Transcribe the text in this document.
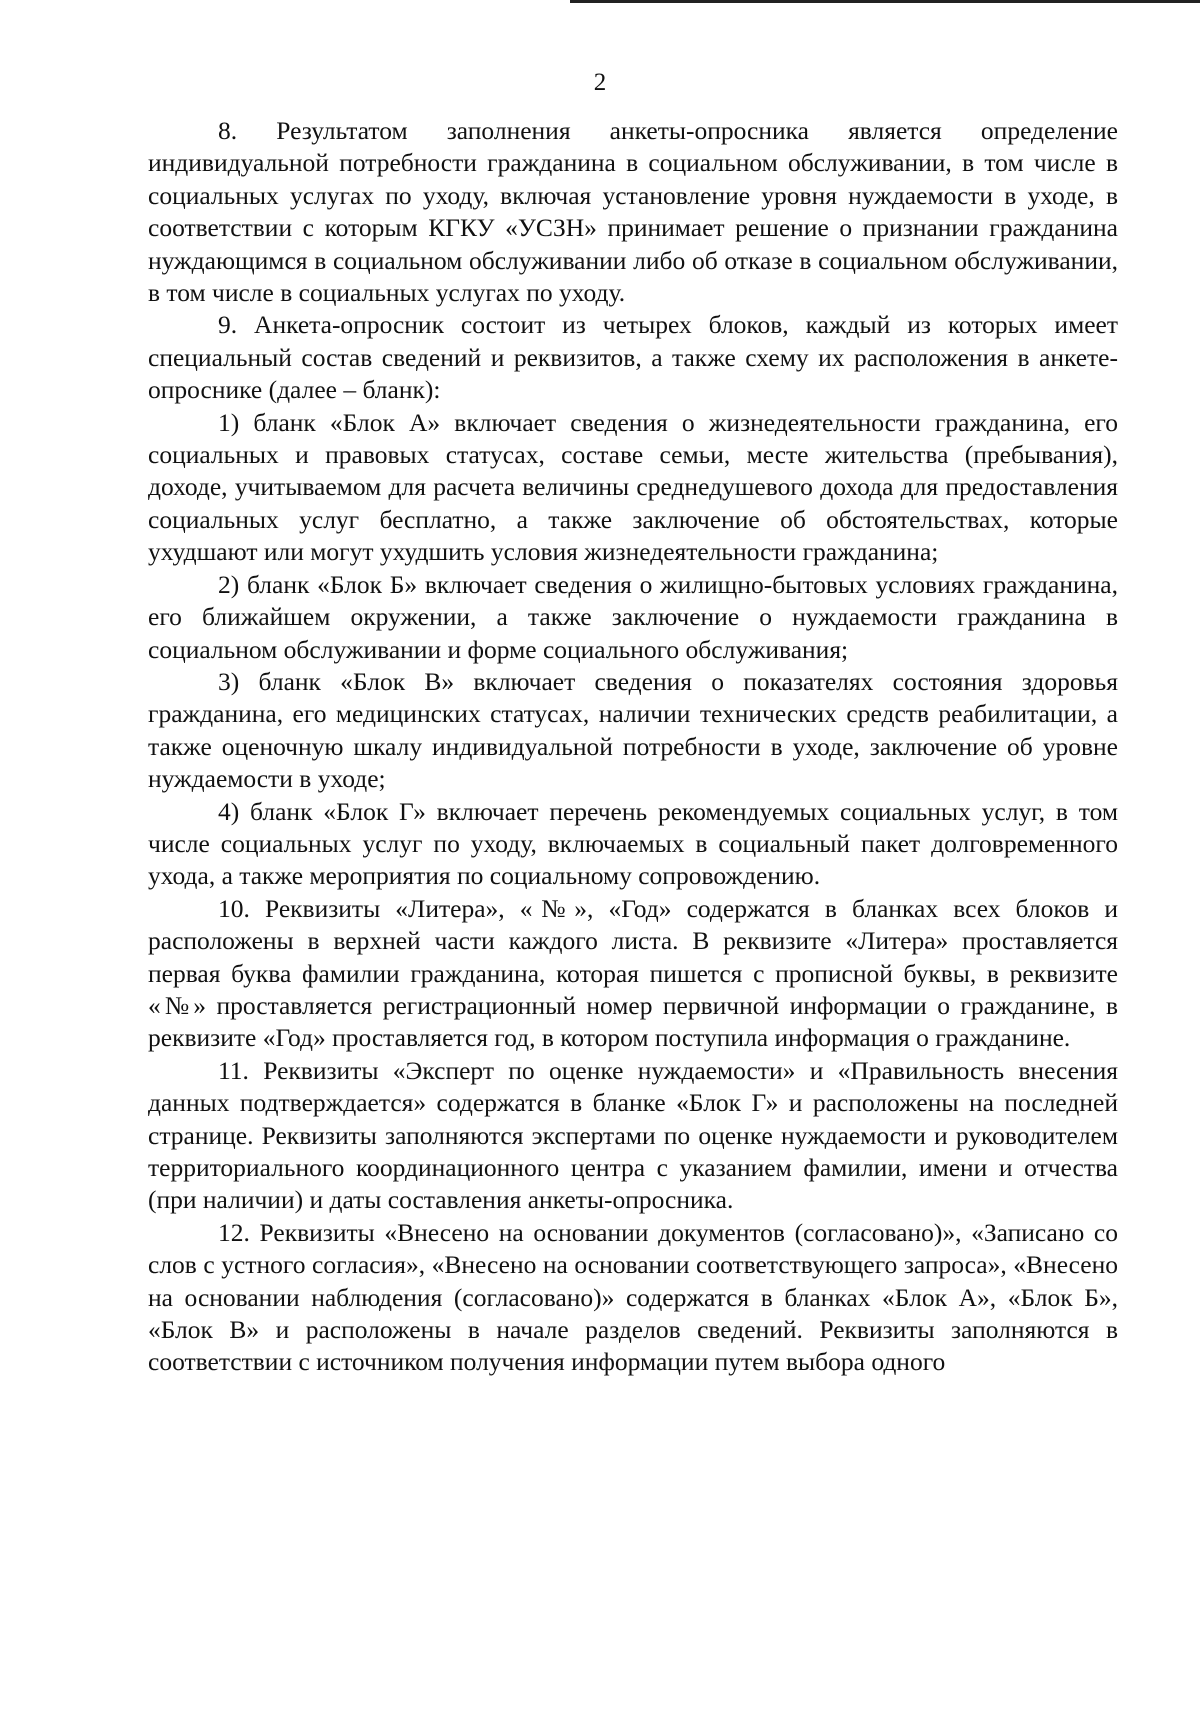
2

8. Результатом заполнения анкеты-опросника является определение индивидуальной потребности гражданина в социальном обслуживании, в том числе в социальных услугах по уходу, включая установление уровня нуждаемости в уходе, в соответствии с которым КГКУ «УСЗН» принимает решение о признании гражданина нуждающимся в социальном обслуживании либо об отказе в социальном обслуживании, в том числе в социальных услугах по уходу.

9. Анкета-опросник состоит из четырех блоков, каждый из которых имеет специальный состав сведений и реквизитов, а также схему их расположения в анкете-опроснике (далее – бланк):

1) бланк «Блок А» включает сведения о жизнедеятельности гражданина, его социальных и правовых статусах, составе семьи, месте жительства (пребывания), доходе, учитываемом для расчета величины среднедушевого дохода для предоставления социальных услуг бесплатно, а также заключение об обстоятельствах, которые ухудшают или могут ухудшить условия жизнедеятельности гражданина;

2) бланк «Блок Б» включает сведения о жилищно-бытовых условиях гражданина, его ближайшем окружении, а также заключение о нуждаемости гражданина в социальном обслуживании и форме социального обслуживания;

3) бланк «Блок В» включает сведения о показателях состояния здоровья гражданина, его медицинских статусах, наличии технических средств реабилитации, а также оценочную шкалу индивидуальной потребности в уходе, заключение об уровне нуждаемости в уходе;

4) бланк «Блок Г» включает перечень рекомендуемых социальных услуг, в том числе социальных услуг по уходу, включаемых в социальный пакет долговременного ухода, а также мероприятия по социальному сопровождению.

10. Реквизиты «Литера», «№», «Год» содержатся в бланках всех блоков и расположены в верхней части каждого листа. В реквизите «Литера» проставляется первая буква фамилии гражданина, которая пишется с прописной буквы, в реквизите «№» проставляется регистрационный номер первичной информации о гражданине, в реквизите «Год» проставляется год, в котором поступила информация о гражданине.

11. Реквизиты «Эксперт по оценке нуждаемости» и «Правильность внесения данных подтверждается» содержатся в бланке «Блок Г» и расположены на последней странице. Реквизиты заполняются экспертами по оценке нуждаемости и руководителем территориального координационного центра с указанием фамилии, имени и отчества (при наличии) и даты составления анкеты-опросника.

12. Реквизиты «Внесено на основании документов (согласовано)», «Записано со слов с устного согласия», «Внесено на основании соответствующего запроса», «Внесено на основании наблюдения (согласовано)» содержатся в бланках «Блок А», «Блок Б», «Блок В» и расположены в начале разделов сведений. Реквизиты заполняются в соответствии с источником получения информации путем выбора одного
